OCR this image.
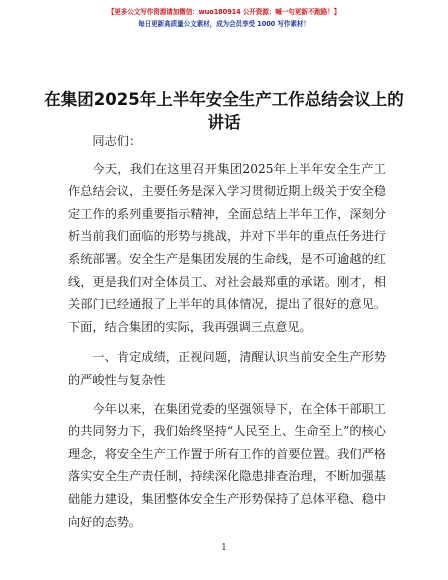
【更多公文写作资源请加微信：wuo180914 公开资源：喊一句更新不跑路！】
每日更新高质量公文素材，成为会员享受 1000 写作素材！
在集团2025年上半年安全生产工作总结会议上的讲话

同志们：

今天，我们在这里召开集团2025年上半年安全生产工作总结会议，主要任务是深入学习贯彻近期上级关于安全稳定工作的系列重要指示精神，全面总结上半年工作，深刻分析当前我们面临的形势与挑战，并对下半年的重点任务进行系统部署。安全生产是集团发展的生命线，是不可逾越的红线，更是我们对全体员工、对社会最郑重的承诺。刚才，相关部门已经通报了上半年的具体情况，提出了很好的意见。下面，结合集团的实际，我再强调三点意见。

一、肯定成绩，正视问题，清醒认识当前安全生产形势的严峻性与复杂性

今年以来，在集团党委的坚强领导下，在全体干部职工的共同努力下，我们始终坚持“人民至上、生命至上”的核心理念，将安全生产工作置于所有工作的首要位置。我们严格落实安全生产责任制，持续深化隐患排查治理，不断加强基础能力建设，集团整体安全生产形势保持了总体平稳、稳中向好的态势。

1
